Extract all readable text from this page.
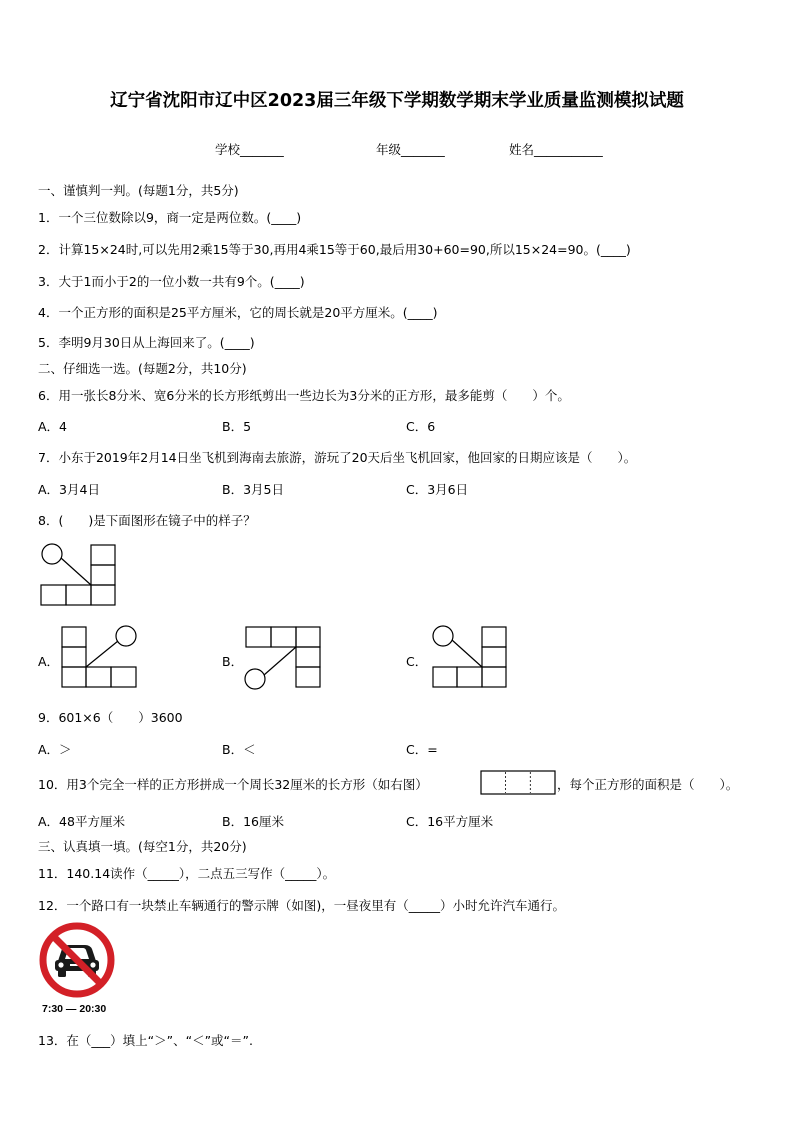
辽宁省沈阳市辽中区2023届三年级下学期数学期末学业质量监测模拟试题
学校_______	年级_______	姓名___________
一、谨慎判一判。(每题1分，共5分)
1．一个三位数除以9，商一定是两位数。(____)
2．计算15×24时,可以先用2乘15等于30,再用4乘15等于60,最后用30+60=90,所以15×24=90。(____)
3．大于1而小于2的一位小数一共有9个。(____)
4．一个正方形的面积是25平方厘米，它的周长就是20平方厘米。(____)
5．李明9月30日从上海回来了。(____)
二、仔细选一选。(每题2分，共10分)
6．用一张长8分米、宽6分米的长方形纸剪出一些边长为3分米的正方形，最多能剪（　　）个。
A．4	B．5	C．6
7．小东于2019年2月14日坐飞机到海南去旅游，游玩了20天后坐飞机回家，他回家的日期应该是（　　）。
A．3月4日	B．3月5日	C．3月6日
8．(　　)是下面图形在镜子中的样子？
A．	B．	C．
9．601×6（　　）3600
A．＞	B．＜	C．=
10．用3个完全一样的正方形拼成一个周长32厘米的长方形（如右图）	，每个正方形的面积是（　　）。
A．48平方厘米	B．16厘米	C．16平方厘米
三、认真填一填。(每空1分，共20分)
11．140.14读作（_____），二点五三写作（_____）。
12．一个路口有一块禁止车辆通行的警示牌（如图)，一昼夜里有（_____）小时允许汽车通行。
7:30 — 20:30
13．在（___）填上“＞”、“＜”或“＝”.
